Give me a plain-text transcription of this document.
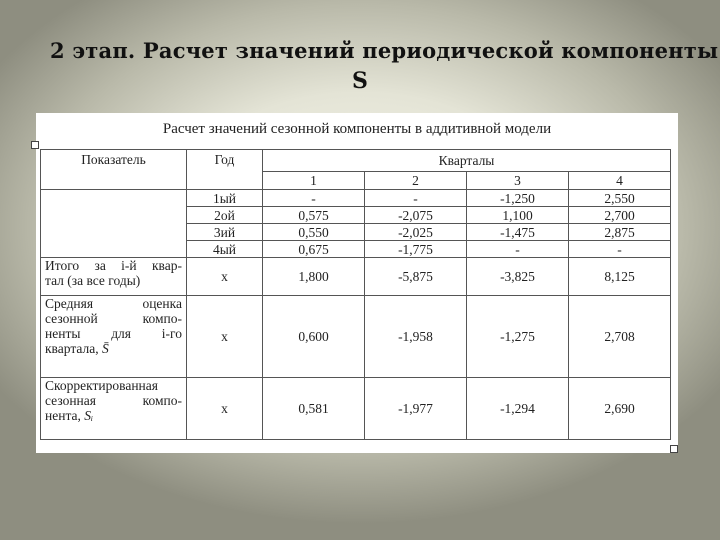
2 этап. Расчет значений периодической компоненты
S
Расчет значений сезонной компоненты в аддитивной модели
Показатель	Год	Кварталы			
		1	2	3	4
	1ый	-	-	-1,250	2,550
	2ой	0,575	-2,075	1,100	2,700
	3ий	0,550	-2,025	-1,475	2,875
	4ый	0,675	-1,775	-	-

Итого за i-й квар-
тал (за все годы)	х	1,800	-5,875	-3,825	8,125

Средняя оценка
сезонной компо-
ненты для i-го
квартала, S̄	х	0,600	-1,958	-1,275	2,708

Скорректированная
сезонная компо-
нента, Sᵢ	х	0,581	-1,977	-1,294	2,690
